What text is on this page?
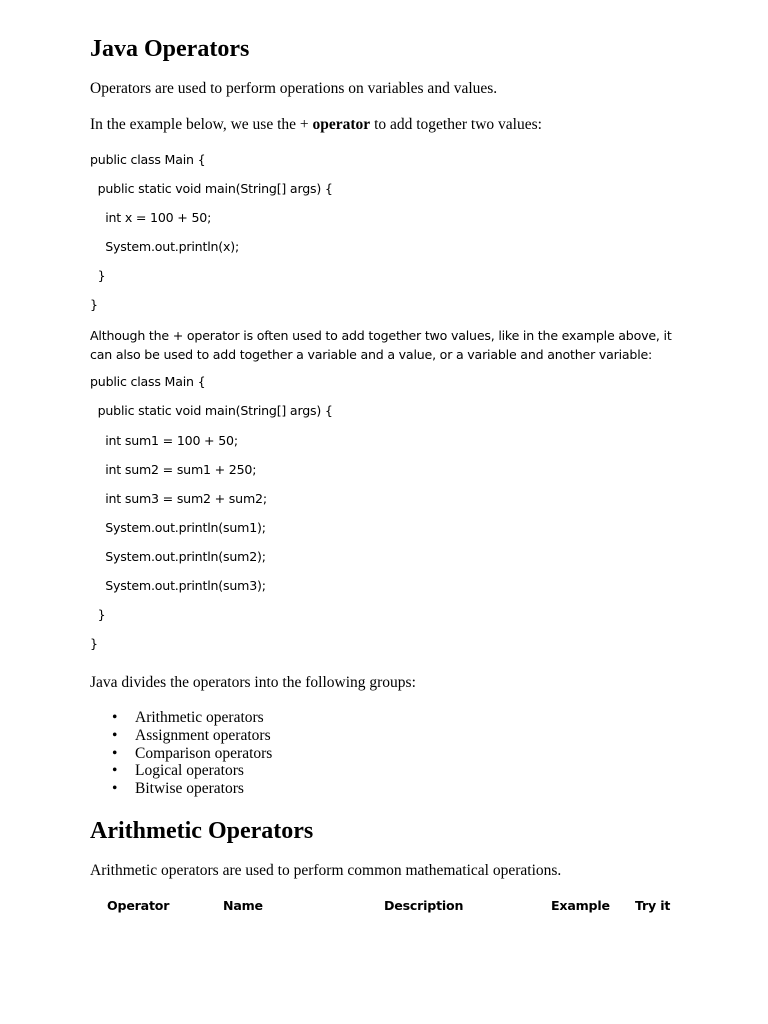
Java Operators

Operators are used to perform operations on variables and values.

In the example below, we use the + operator to add together two values:

public class Main {

public static void main(String[] args) {

int x = 100 + 50;

System.out.println(x);

}

}

Although the + operator is often used to add together two values, like in the example above, it can also be used to add together a variable and a value, or a variable and another variable:

public class Main {

public static void main(String[] args) {

int sum1 = 100 + 50;

int sum2 = sum1 + 250;

int sum3 = sum2 + sum2;

System.out.println(sum1);

System.out.println(sum2);

System.out.println(sum3);

}

}

Java divides the operators into the following groups:

• Arithmetic operators
• Assignment operators
• Comparison operators
• Logical operators
• Bitwise operators
Arithmetic Operators

Arithmetic operators are used to perform common mathematical operations.

Operator	Name	Description	Example Try it
